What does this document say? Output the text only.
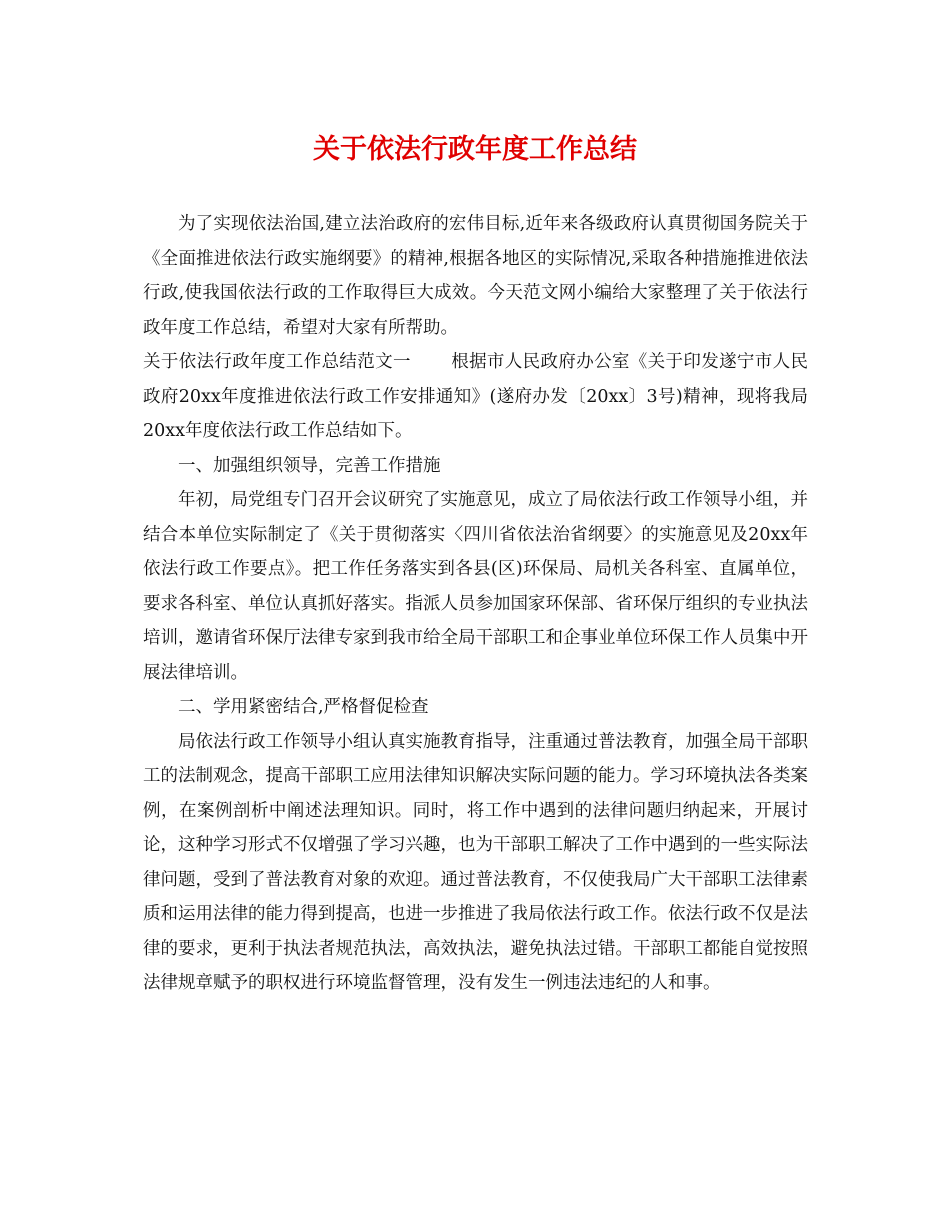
关于依法行政年度工作总结

为了实现依法治国,建立法治政府的宏伟目标,近年来各级政府认真贯彻国务院关于《全面推进依法行政实施纲要》的精神,根据各地区的实际情况,采取各种措施推进依法行政,使我国依法行政的工作取得巨大成效。今天范文网小编给大家整理了关于依法行政年度工作总结，希望对大家有所帮助。

关于依法行政年度工作总结范文一 根据市人民政府办公室《关于印发遂宁市人民政府20xx年度推进依法行政工作安排通知》(遂府办发〔20xx〕3号)精神，现将我局20xx年度依法行政工作总结如下。

一、加强组织领导，完善工作措施

年初，局党组专门召开会议研究了实施意见，成立了局依法行政工作领导小组，并结合本单位实际制定了《关于贯彻落实〈四川省依法治省纲要〉的实施意见及20xx年依法行政工作要点》。把工作任务落实到各县(区)环保局、局机关各科室、直属单位，要求各科室、单位认真抓好落实。指派人员参加国家环保部、省环保厅组织的专业执法培训，邀请省环保厅法律专家到我市给全局干部职工和企事业单位环保工作人员集中开展法律培训。

二、学用紧密结合,严格督促检查

局依法行政工作领导小组认真实施教育指导，注重通过普法教育，加强全局干部职工的法制观念，提高干部职工应用法律知识解决实际问题的能力。学习环境执法各类案例，在案例剖析中阐述法理知识。同时，将工作中遇到的法律问题归纳起来，开展讨论，这种学习形式不仅增强了学习兴趣，也为干部职工解决了工作中遇到的一些实际法律问题，受到了普法教育对象的欢迎。通过普法教育，不仅使我局广大干部职工法律素质和运用法律的能力得到提高，也进一步推进了我局依法行政工作。依法行政不仅是法律的要求，更利于执法者规范执法，高效执法，避免执法过错。干部职工都能自觉按照法律规章赋予的职权进行环境监督管理，没有发生一例违法违纪的人和事。
